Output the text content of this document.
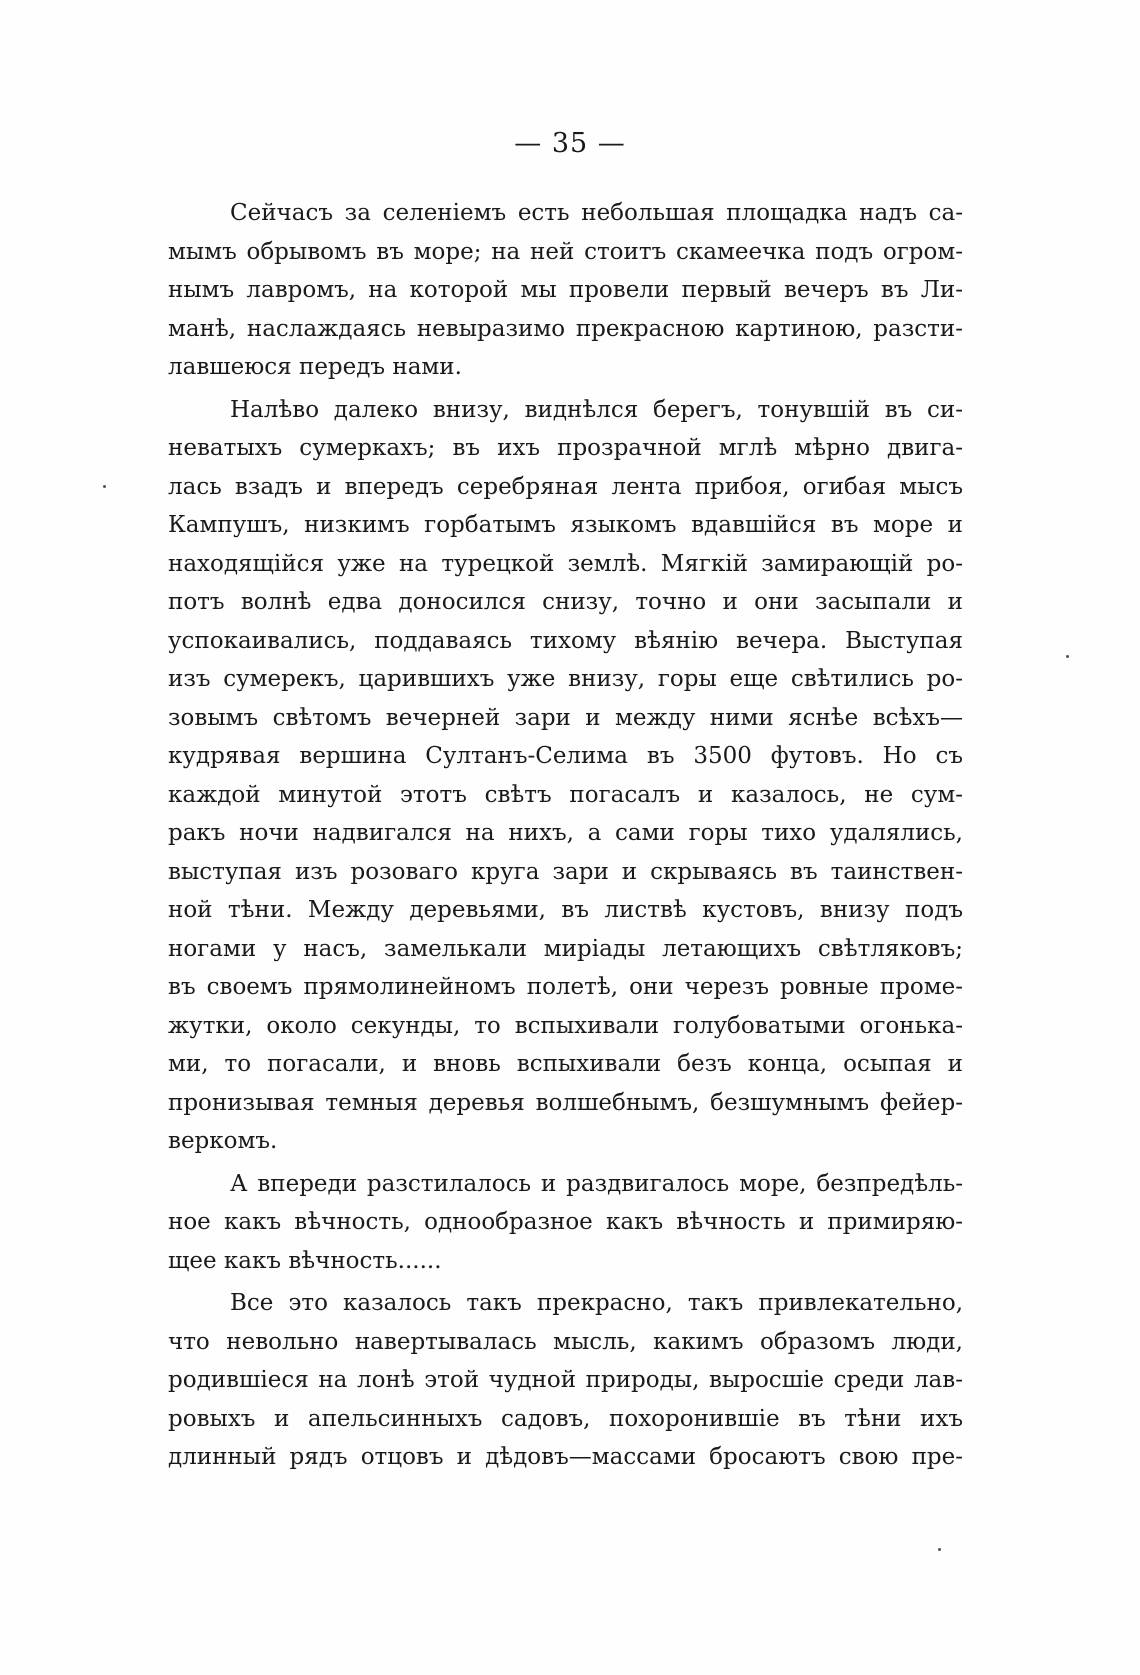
— 35 —
Сейчасъ за селеніемъ есть небольшая площадка надъ са-
мымъ обрывомъ въ море; на ней стоитъ скамеечка подъ огром-
нымъ лавромъ, на которой мы провели первый вечеръ въ Ли-
манѣ, наслаждаясь невыразимо прекрасною картиною, разсти-
лавшеюся передъ нами.
Налѣво далеко внизу, виднѣлся берегъ, тонувшій въ си-
неватыхъ сумеркахъ; въ ихъ прозрачной мглѣ мѣрно двига-
лась взадъ и впередъ серебряная лента прибоя, огибая мысъ
Кампушъ, низкимъ горбатымъ языкомъ вдавшійся въ море и
находящійся уже на турецкой землѣ. Мягкій замирающій ро-
потъ волнѣ едва доносился снизу, точно и они засыпали и
успокаивались, поддаваясь тихому вѣянію вечера. Выступая
изъ сумерекъ, царившихъ уже внизу, горы еще свѣтились ро-
зовымъ свѣтомъ вечерней зари и между ними яснѣе всѣхъ—
кудрявая вершина Султанъ-Селима въ 3500 футовъ. Но съ
каждой минутой этотъ свѣтъ погасалъ и казалось, не сум-
ракъ ночи надвигался на нихъ, а сами горы тихо удалялись,
выступая изъ розоваго круга зари и скрываясь въ таинствен-
ной тѣни. Между деревьями, въ листвѣ кустовъ, внизу подъ
ногами у насъ, замелькали миріады летающихъ свѣтляковъ;
въ своемъ прямолинейномъ полетѣ, они черезъ ровные проме-
жутки, около секунды, то вспыхивали голубоватыми огонька-
ми, то погасали, и вновь вспыхивали безъ конца, осыпая и
пронизывая темныя деревья волшебнымъ, безшумнымъ фейер-
веркомъ.
А впереди разстилалось и раздвигалось море, безпредѣль-
ное какъ вѣчность, однообразное какъ вѣчность и примиряю-
щее какъ вѣчность......
Все это казалось такъ прекрасно, такъ привлекательно,
что невольно навертывалась мысль, какимъ образомъ люди,
родившіеся на лонѣ этой чудной природы, выросшіе среди лав-
ровыхъ и апельсинныхъ садовъ, похоронившіе въ тѣни ихъ
длинный рядъ отцовъ и дѣдовъ—массами бросаютъ свою пре-
